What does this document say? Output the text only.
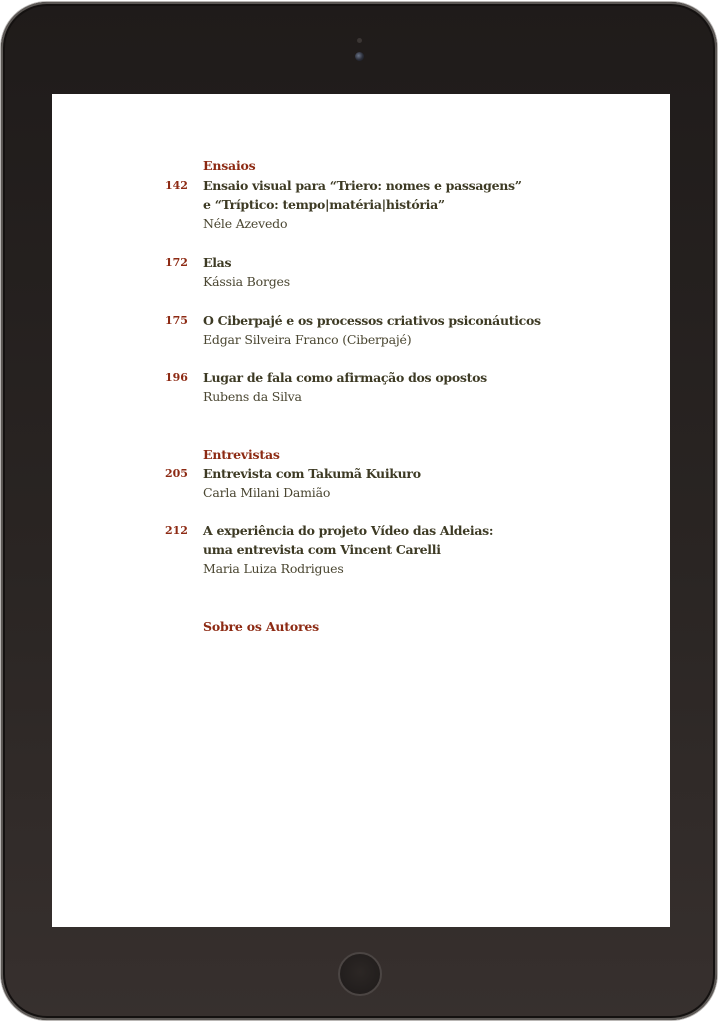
Ensaios
142 Ensaio visual para “Triero: nomes e passagens”
e “Tríptico: tempo|matéria|história”
Néle Azevedo
172 Elas
Kássia Borges
175 O Ciberpajé e os processos criativos psiconáuticos
Edgar Silveira Franco (Ciberpajé)
196 Lugar de fala como afirmação dos opostos
Rubens da Silva
Entrevistas
205 Entrevista com Takumã Kuikuro
Carla Milani Damião
212 A experiência do projeto Vídeo das Aldeias:
uma entrevista com Vincent Carelli
Maria Luiza Rodrigues
Sobre os Autores
